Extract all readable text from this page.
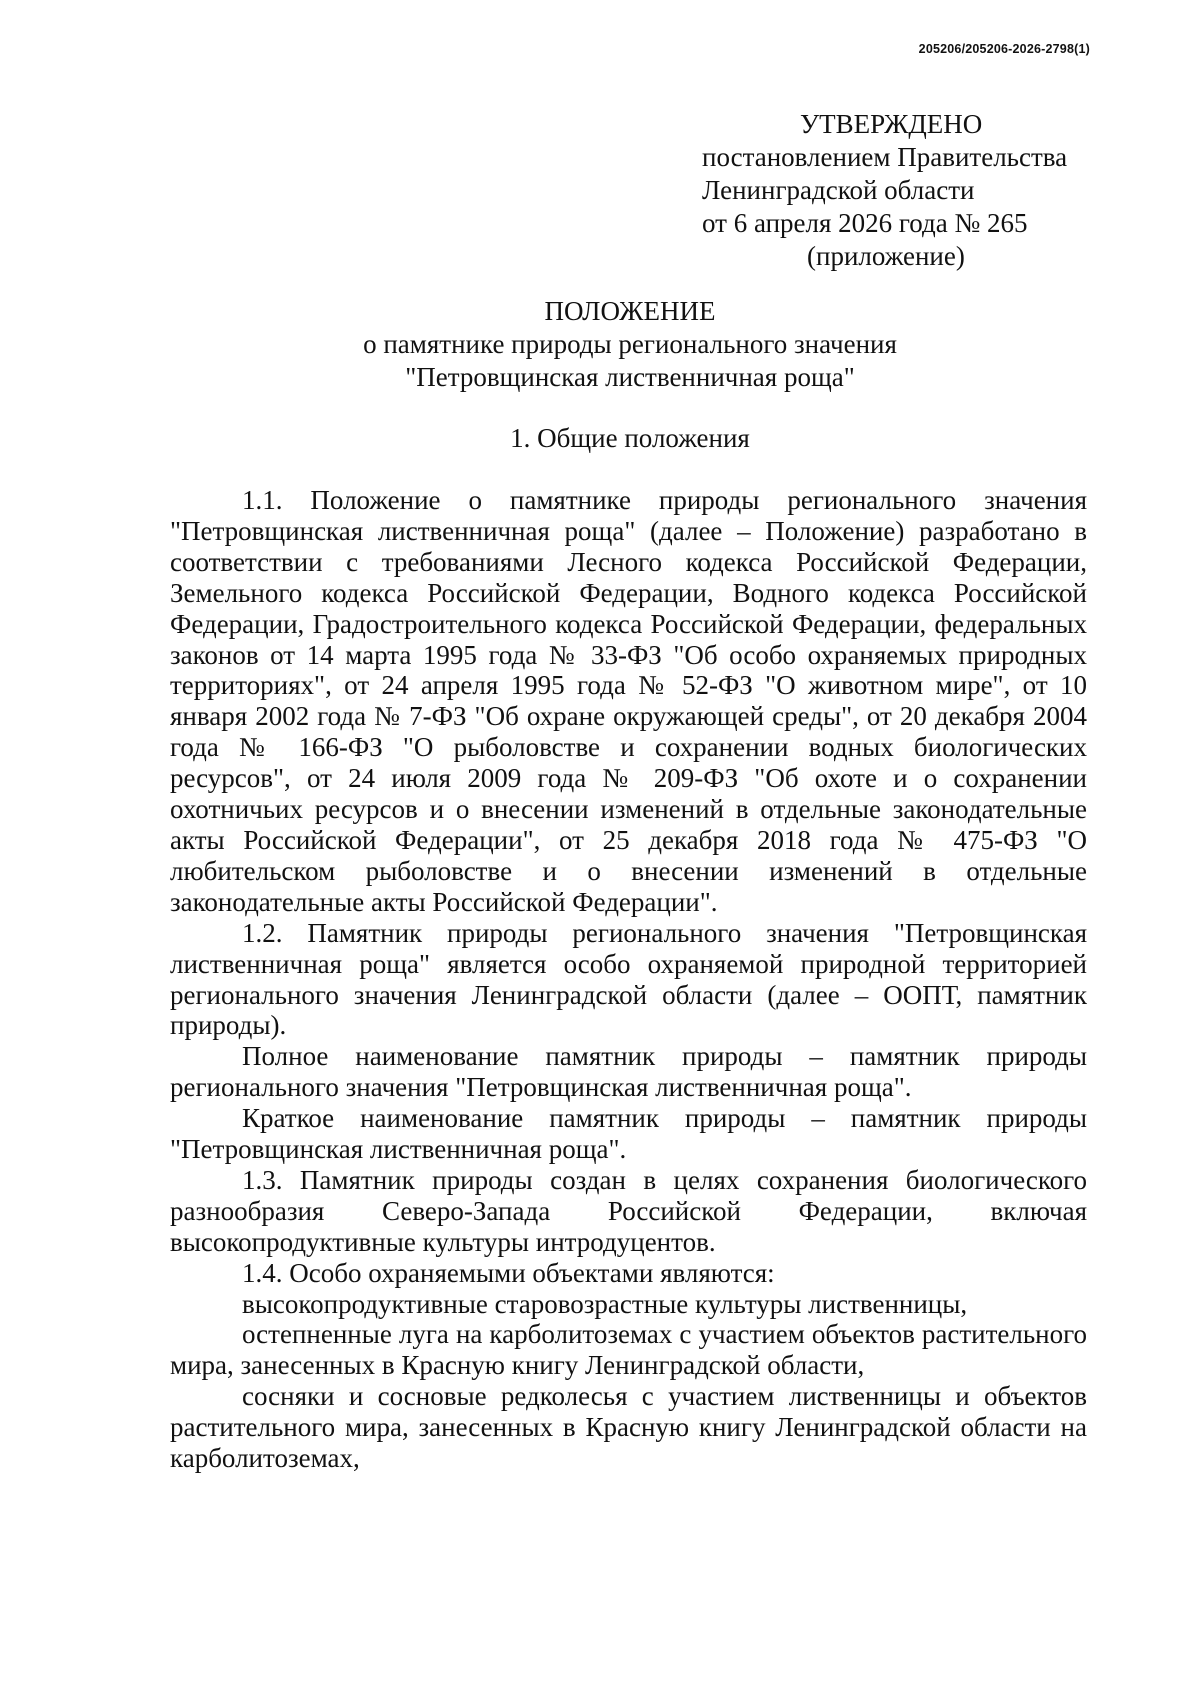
205206/205206-2026-2798(1)
УТВЕРЖДЕНО
постановлением Правительства
Ленинградской области
от 6 апреля 2026 года № 265
(приложение)
ПОЛОЖЕНИЕ
о памятнике природы регионального значения
"Петровщинская лиственничная роща"
1. Общие положения

1.1. Положение о памятнике природы регионального значения "Петровщинская лиственничная роща" (далее – Положение) разработано в соответствии с требованиями Лесного кодекса Российской Федерации, Земельного кодекса Российской Федерации, Водного кодекса Российской Федерации, Градостроительного кодекса Российской Федерации, федеральных законов от 14 марта 1995 года № 33-ФЗ "Об особо охраняемых природных территориях", от 24 апреля 1995 года № 52-ФЗ "О животном мире", от 10 января 2002 года № 7-ФЗ "Об охране окружающей среды", от 20 декабря 2004 года № 166-ФЗ "О рыболовстве и сохранении водных биологических ресурсов", от 24 июля 2009 года № 209-ФЗ "Об охоте и о сохранении охотничьих ресурсов и о внесении изменений в отдельные законодательные акты Российской Федерации", от 25 декабря 2018 года № 475-ФЗ "О любительском рыболовстве и о внесении изменений в отдельные законодательные акты Российской Федерации".

1.2. Памятник природы регионального значения "Петровщинская лиственничная роща" является особо охраняемой природной территорией регионального значения Ленинградской области (далее – ООПТ, памятник природы).

Полное наименование памятник природы – памятник природы регионального значения "Петровщинская лиственничная роща".

Краткое наименование памятник природы – памятник природы "Петровщинская лиственничная роща".

1.3. Памятник природы создан в целях сохранения биологического разнообразия Северо-Запада Российской Федерации, включая высокопродуктивные культуры интродуцентов.

1.4. Особо охраняемыми объектами являются:

высокопродуктивные старовозрастные культуры лиственницы,

остепненные луга на карболитоземах с участием объектов растительного мира, занесенных в Красную книгу Ленинградской области,

сосняки и сосновые редколесья с участием лиственницы и объектов растительного мира, занесенных в Красную книгу Ленинградской области на карболитоземах,
